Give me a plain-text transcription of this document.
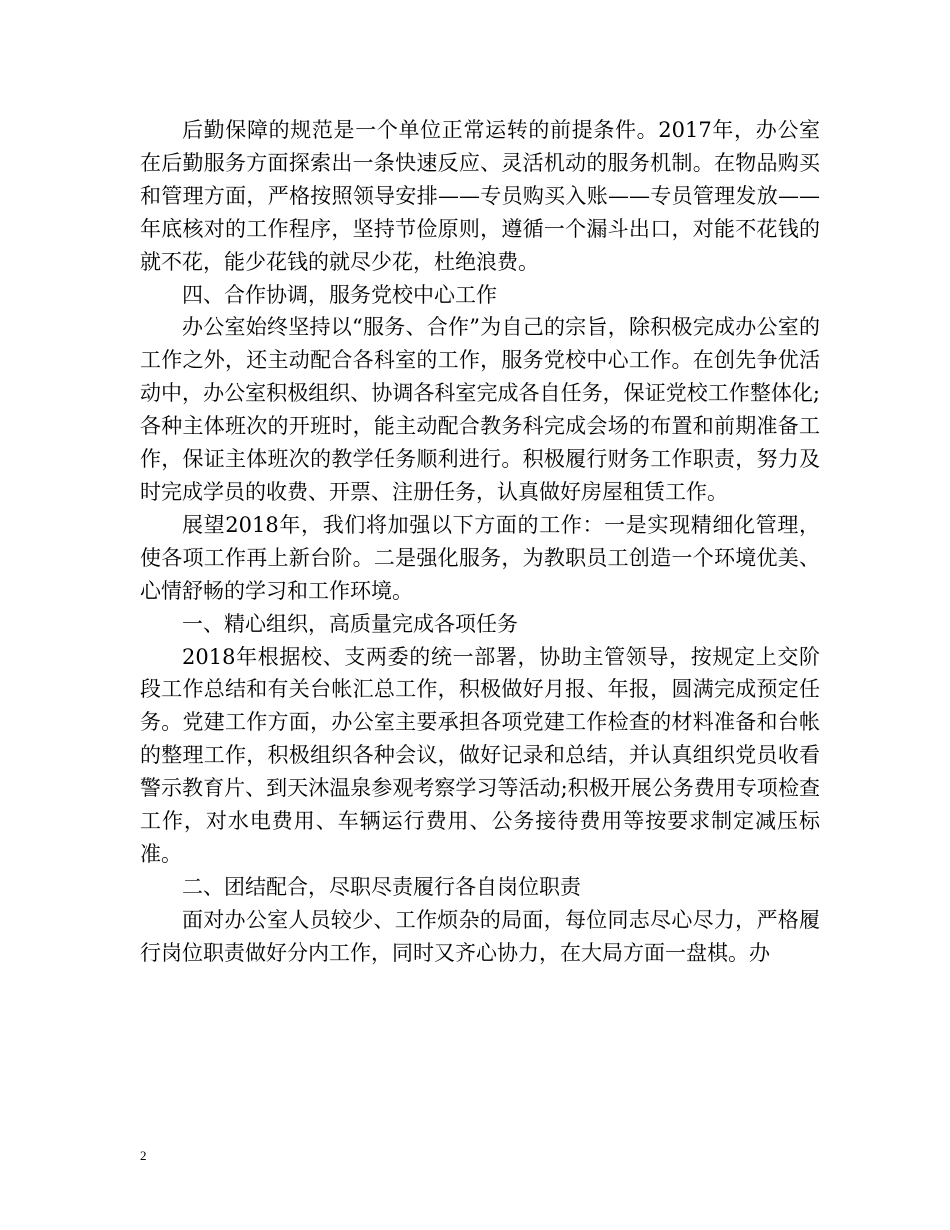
后勤保障的规范是一个单位正常运转的前提条件。2017年，办公室在后勤服务方面探索出一条快速反应、灵活机动的服务机制。在物品购买和管理方面，严格按照领导安排——专员购买入账——专员管理发放——年底核对的工作程序，坚持节俭原则，遵循一个漏斗出口，对能不花钱的就不花，能少花钱的就尽少花，杜绝浪费。

四、合作协调，服务党校中心工作

办公室始终坚持以“服务、合作”为自己的宗旨，除积极完成办公室的工作之外，还主动配合各科室的工作，服务党校中心工作。在创先争优活动中，办公室积极组织、协调各科室完成各自任务，保证党校工作整体化;各种主体班次的开班时，能主动配合教务科完成会场的布置和前期准备工作，保证主体班次的教学任务顺利进行。积极履行财务工作职责，努力及时完成学员的收费、开票、注册任务，认真做好房屋租赁工作。

展望2018年，我们将加强以下方面的工作：一是实现精细化管理，使各项工作再上新台阶。二是强化服务，为教职员工创造一个环境优美、心情舒畅的学习和工作环境。

一、精心组织，高质量完成各项任务

2018年根据校、支两委的统一部署，协助主管领导，按规定上交阶段工作总结和有关台帐汇总工作，积极做好月报、年报，圆满完成预定任务。党建工作方面，办公室主要承担各项党建工作检查的材料准备和台帐的整理工作，积极组织各种会议，做好记录和总结，并认真组织党员收看警示教育片、到天沐温泉参观考察学习等活动;积极开展公务费用专项检查工作，对水电费用、车辆运行费用、公务接待费用等按要求制定减压标准。

二、团结配合，尽职尽责履行各自岗位职责

面对办公室人员较少、工作烦杂的局面，每位同志尽心尽力，严格履行岗位职责做好分内工作，同时又齐心协力，在大局方面一盘棋。办

2
